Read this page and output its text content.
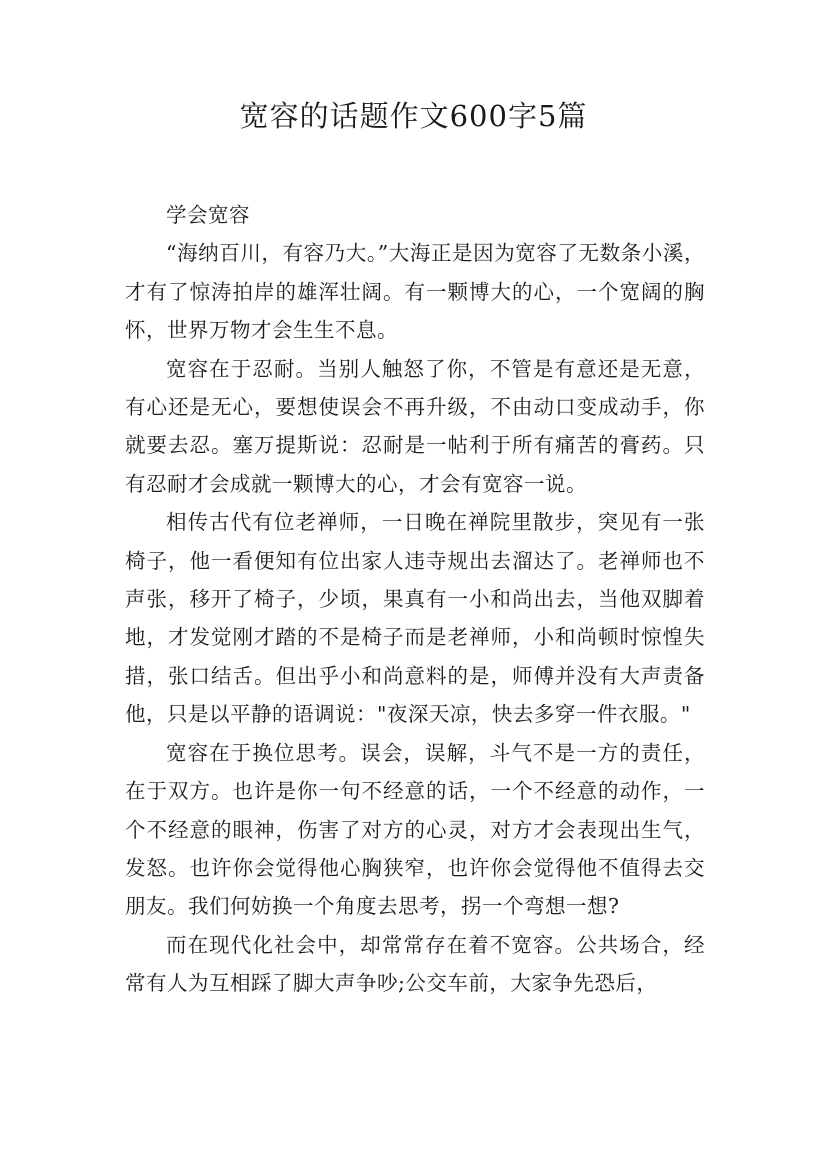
宽容的话题作文600字5篇

学会宽容

“海纳百川，有容乃大。”大海正是因为宽容了无数条小溪，才有了惊涛拍岸的雄浑壮阔。有一颗博大的心，一个宽阔的胸怀，世界万物才会生生不息。

宽容在于忍耐。当别人触怒了你，不管是有意还是无意，有心还是无心，要想使误会不再升级，不由动口变成动手，你就要去忍。塞万提斯说：忍耐是一帖利于所有痛苦的膏药。只有忍耐才会成就一颗博大的心，才会有宽容一说。

相传古代有位老禅师，一日晚在禅院里散步，突见有一张椅子，他一看便知有位出家人违寺规出去溜达了。老禅师也不声张，移开了椅子，少顷，果真有一小和尚出去，当他双脚着地，才发觉刚才踏的不是椅子而是老禅师，小和尚顿时惊惶失措，张口结舌。但出乎小和尚意料的是，师傅并没有大声责备他，只是以平静的语调说："夜深天凉，快去多穿一件衣服。"

宽容在于换位思考。误会，误解，斗气不是一方的责任，在于双方。也许是你一句不经意的话，一个不经意的动作，一个不经意的眼神，伤害了对方的心灵，对方才会表现出生气，发怒。也许你会觉得他心胸狭窄，也许你会觉得他不值得去交朋友。我们何妨换一个角度去思考，拐一个弯想一想?

而在现代化社会中，却常常存在着不宽容。公共场合，经常有人为互相踩了脚大声争吵;公交车前，大家争先恐后，
